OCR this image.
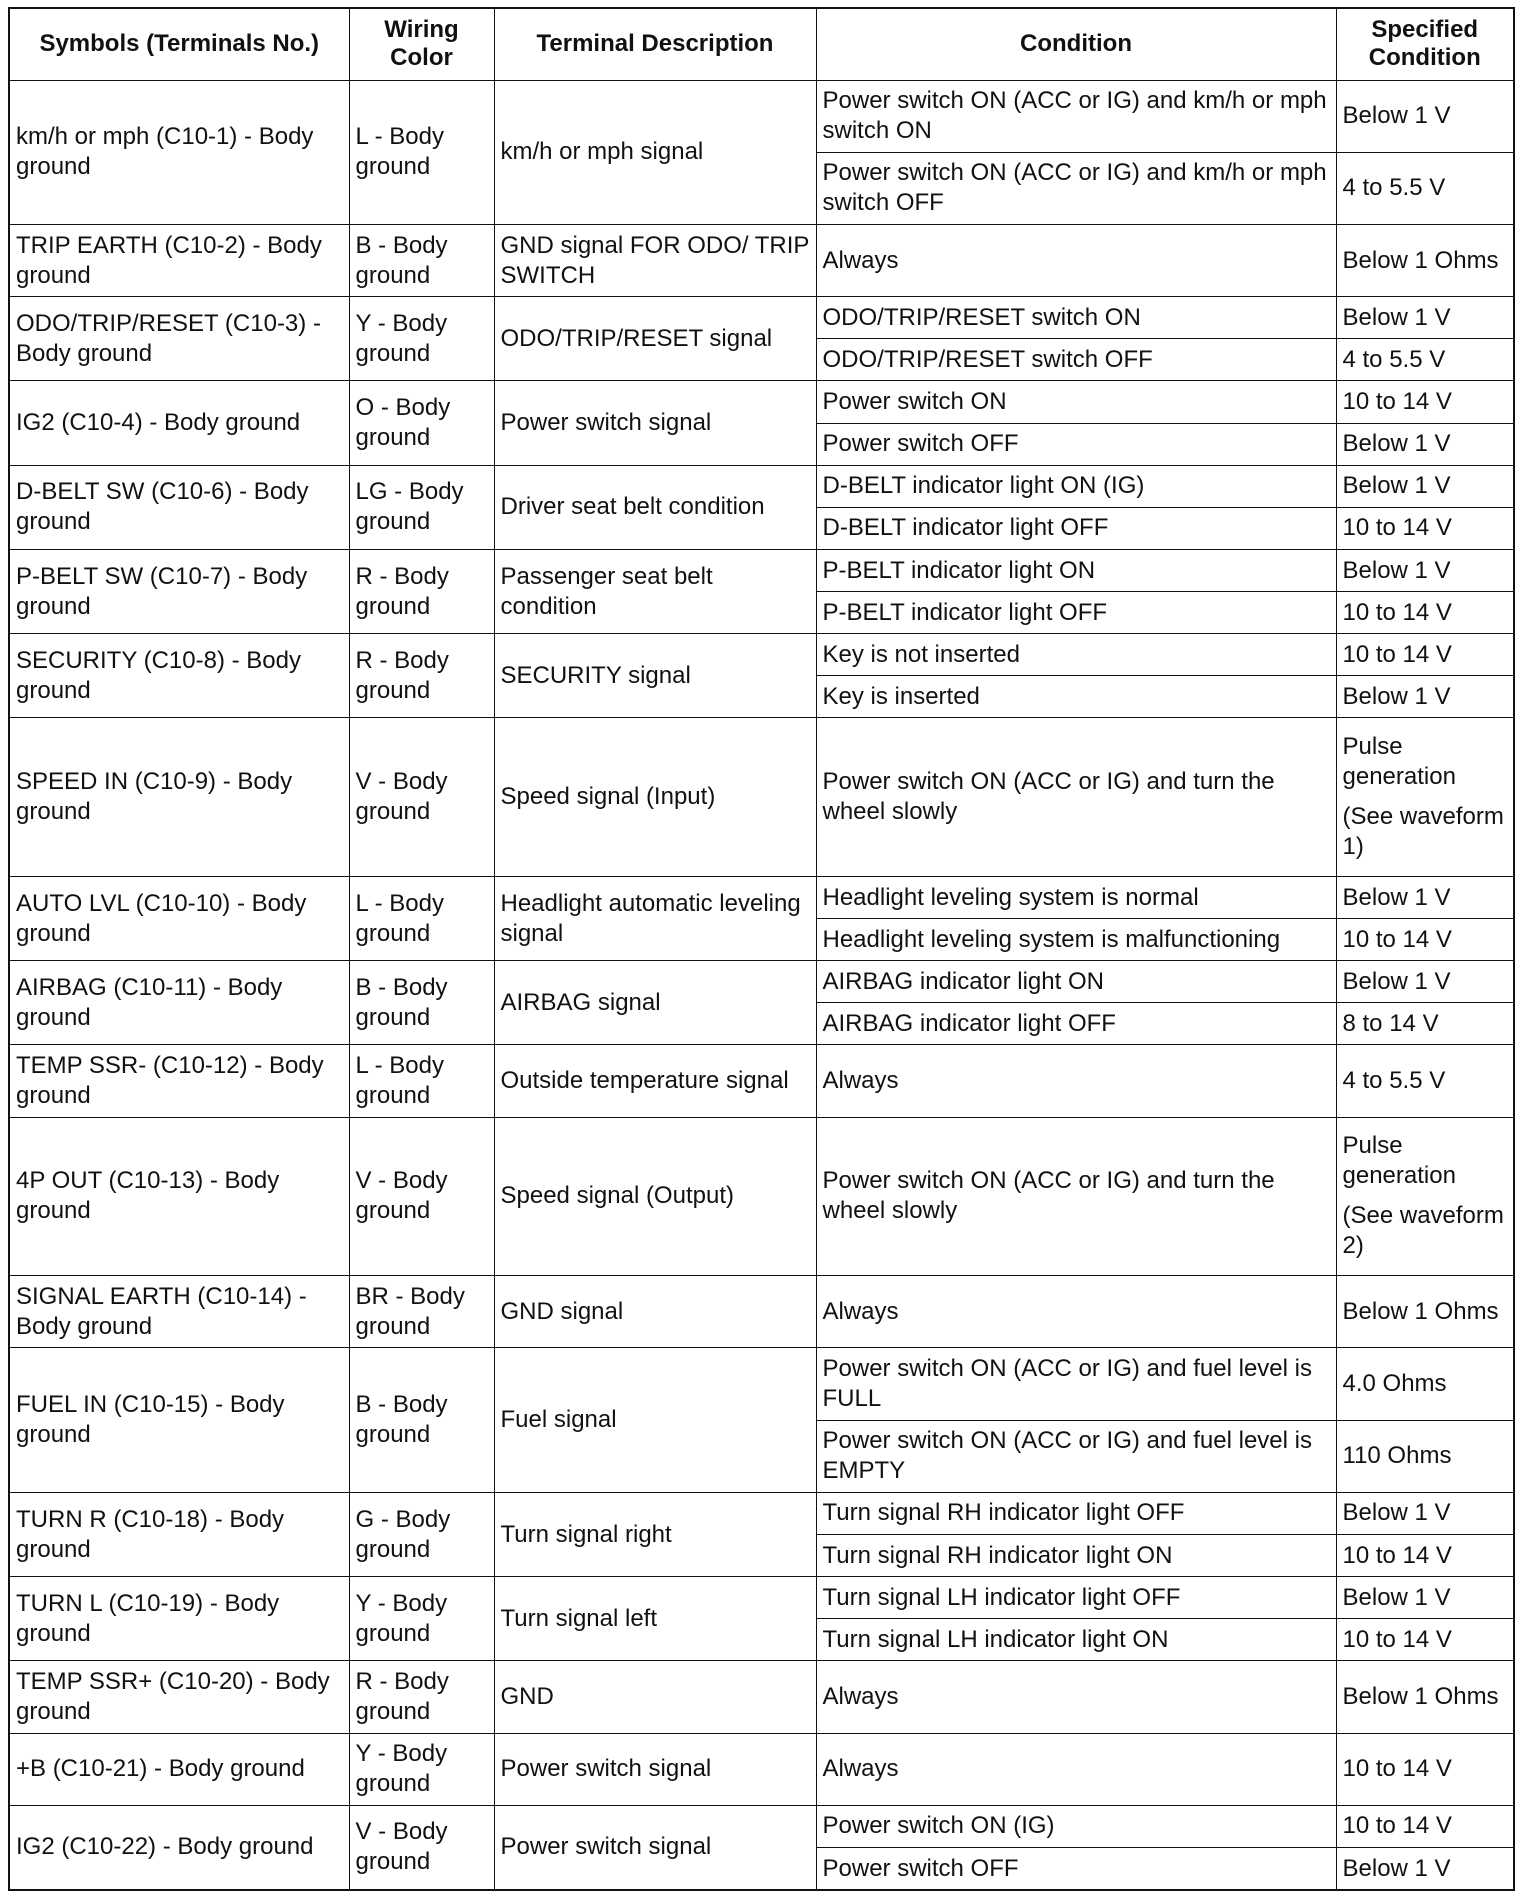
Symbols (Terminals No.)	Wiring Color	Terminal Description	Condition	Specified Condition
km/h or mph (C10-1) - Body ground	L - Body ground	km/h or mph signal	Power switch ON (ACC or IG) and km/h or mph switch ON	Below 1 V
			Power switch ON (ACC or IG) and km/h or mph switch OFF	4 to 5.5 V
TRIP EARTH (C10-2) - Body ground	B - Body ground	GND signal FOR ODO/ TRIP SWITCH	Always	Below 1 Ohms
ODO/TRIP/RESET (C10-3) - Body ground	Y - Body ground	ODO/TRIP/RESET signal	ODO/TRIP/RESET switch ON	Below 1 V
			ODO/TRIP/RESET switch OFF	4 to 5.5 V
IG2 (C10-4) - Body ground	O - Body ground	Power switch signal	Power switch ON	10 to 14 V
			Power switch OFF	Below 1 V
D-BELT SW (C10-6) - Body ground	LG - Body ground	Driver seat belt condition	D-BELT indicator light ON (IG)	Below 1 V
			D-BELT indicator light OFF	10 to 14 V
P-BELT SW (C10-7) - Body ground	R - Body ground	Passenger seat belt condition	P-BELT indicator light ON	Below 1 V
			P-BELT indicator light OFF	10 to 14 V
SECURITY (C10-8) - Body ground	R - Body ground	SECURITY signal	Key is not inserted	10 to 14 V
			Key is inserted	Below 1 V
SPEED IN (C10-9) - Body ground	V - Body ground	Speed signal (Input)	Power switch ON (ACC or IG) and turn the wheel slowly	Pulse generation
(See waveform 1)

AUTO LVL (C10-10) - Body ground	L - Body ground	Headlight automatic leveling signal	Headlight leveling system is normal	Below 1 V
			Headlight leveling system is malfunctioning	10 to 14 V
AIRBAG (C10-11) - Body ground	B - Body ground	AIRBAG signal	AIRBAG indicator light ON	Below 1 V
			AIRBAG indicator light OFF	8 to 14 V
TEMP SSR- (C10-12) - Body ground	L - Body ground	Outside temperature signal	Always	4 to 5.5 V
4P OUT (C10-13) - Body ground	V - Body ground	Speed signal (Output)	Power switch ON (ACC or IG) and turn the wheel slowly	Pulse generation
(See waveform 2)

SIGNAL EARTH (C10-14) - Body ground	BR - Body ground	GND signal	Always	Below 1 Ohms
FUEL IN (C10-15) - Body ground	B - Body ground	Fuel signal	Power switch ON (ACC or IG) and fuel level is FULL	4.0 Ohms
			Power switch ON (ACC or IG) and fuel level is EMPTY	110 Ohms
TURN R (C10-18) - Body ground	G - Body ground	Turn signal right	Turn signal RH indicator light OFF	Below 1 V
			Turn signal RH indicator light ON	10 to 14 V
TURN L (C10-19) - Body ground	Y - Body ground	Turn signal left	Turn signal LH indicator light OFF	Below 1 V
			Turn signal LH indicator light ON	10 to 14 V
TEMP SSR+ (C10-20) - Body ground	R - Body ground	GND	Always	Below 1 Ohms
+B (C10-21) - Body ground	Y - Body ground	Power switch signal	Always	10 to 14 V
IG2 (C10-22) - Body ground	V - Body ground	Power switch signal	Power switch ON (IG)	10 to 14 V
			Power switch OFF	Below 1 V
